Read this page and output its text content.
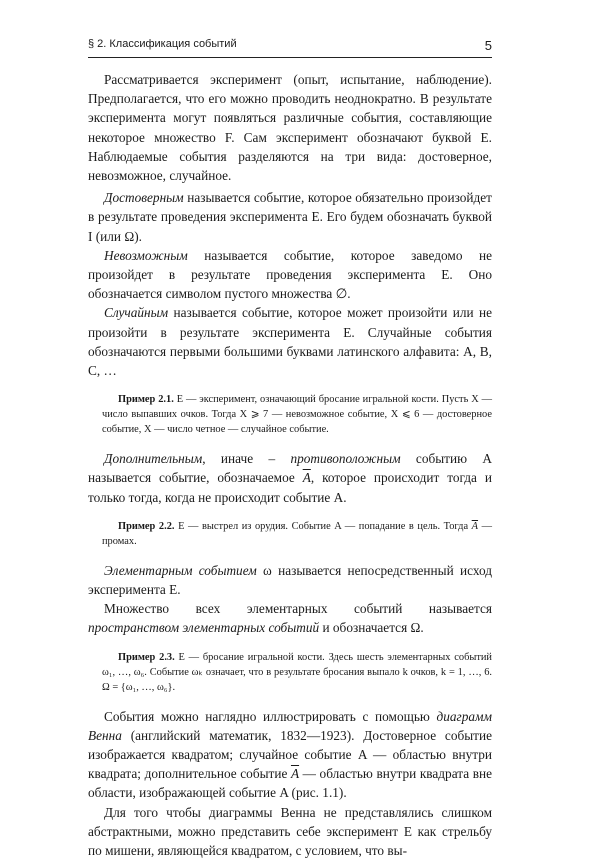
§ 2. Классификация событий	5

Рассматривается эксперимент (опыт, испытание, наблюдение). Предполагается, что его можно проводить неоднократно. В результате эксперимента могут появляться различные события, составляющие некоторое множество F. Сам эксперимент обозначают буквой E. Наблюдаемые события разделяются на три вида: достоверное, невозможное, случайное.

Достоверным называется событие, которое обязательно произойдет в результате проведения эксперимента E. Его будем обозначать буквой I (или Ω).

Невозможным называется событие, которое заведомо не произойдет в результате проведения эксперимента E. Оно обозначается символом пустого множества ∅.

Случайным называется событие, которое может произойти или не произойти в результате эксперимента E. Случайные события обозначаются первыми большими буквами латинского алфавита: A, B, C, …

Пример 2.1. E — эксперимент, означающий бросание игральной кости. Пусть X — число выпавших очков. Тогда X ⩾ 7 — невозможное событие, X ⩽ 6 — достоверное событие, X — число четное — случайное событие.

Дополнительным, иначе – противоположным событию A называется событие, обозначаемое $\overline{A}$, которое происходит тогда и только тогда, когда не происходит событие A.

Пример 2.2. E — выстрел из орудия. Событие A — попадание в цель. Тогда $\overline{A}$ — промах.

Элементарным событием ω называется непосредственный исход эксперимента E.

Множество всех элементарных событий называется пространством элементарных событий и обозначается Ω.

Пример 2.3. E — бросание игральной кости. Здесь шесть элементарных событий ω₁, …, ω₆. Событие ωₖ означает, что в результате бросания выпало k очков, k = 1, …, 6. Ω = {ω₁, …, ω₆}.

События можно наглядно иллюстрировать с помощью диаграмм Венна (английский математик, 1832—1923). Достоверное событие изображается квадратом; случайное событие A — областью внутри квадрата; дополнительное событие $\overline{A}$ — областью внутри квадрата вне области, изображающей событие A (рис. 1.1).

Для того чтобы диаграммы Венна не представлялись слишком абстрактными, можно представить себе эксперимент E как стрельбу по мишени, являющейся квадратом, с условием, что вы-
